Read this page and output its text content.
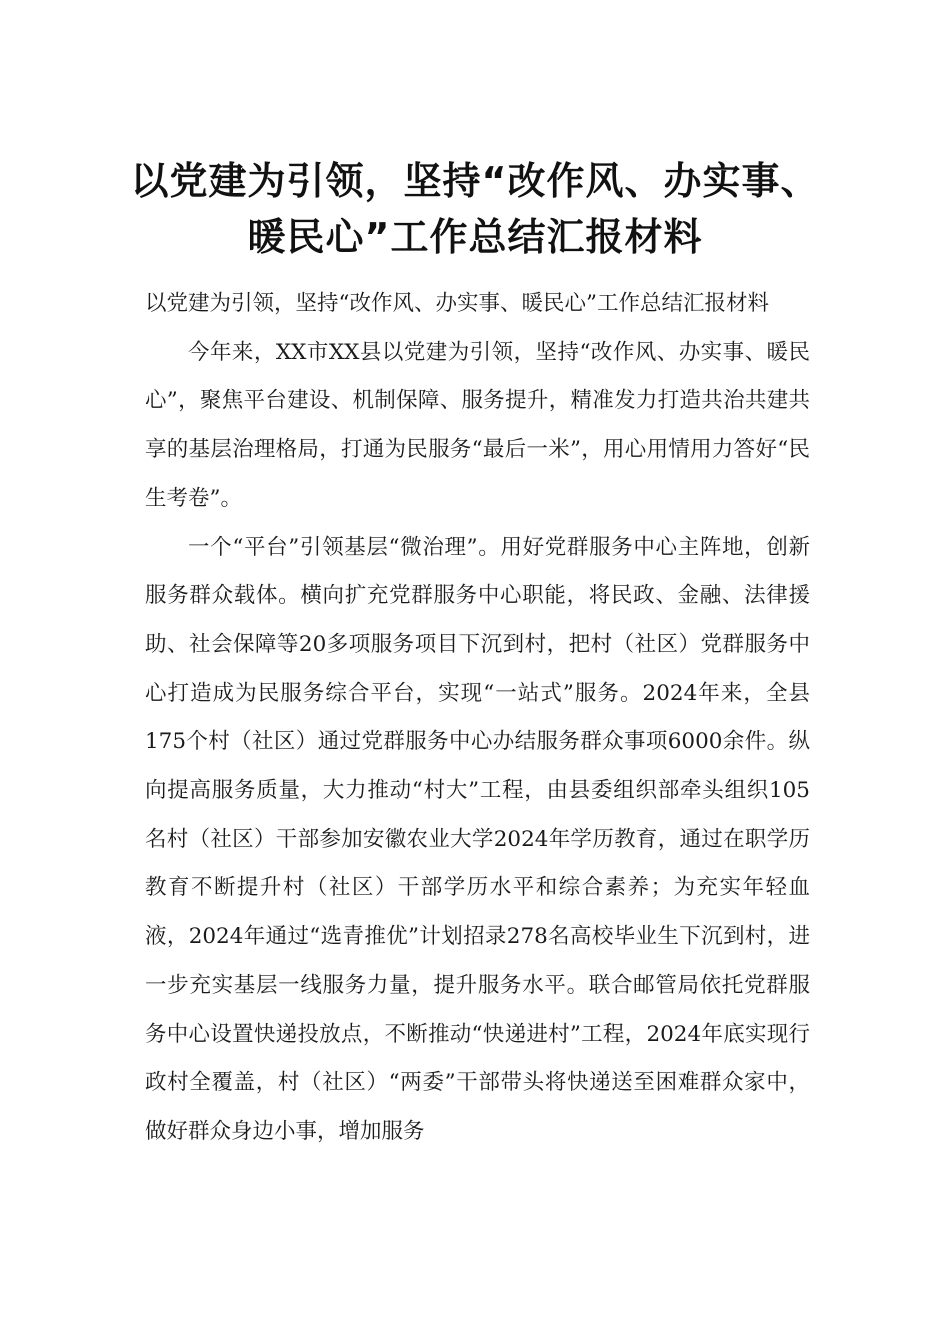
以党建为引领，坚持“改作风、办实事、
暖民心”工作总结汇报材料

以党建为引领，坚持“改作风、办实事、暖民心”工作总结汇报材料

今年来，XX市XX县以党建为引领，坚持“改作风、办实事、暖民心”，聚焦平台建设、机制保障、服务提升，精准发力打造共治共建共享的基层治理格局，打通为民服务“最后一米”，用心用情用力答好“民生考卷”。

一个“平台”引领基层“微治理”。用好党群服务中心主阵地，创新服务群众载体。横向扩充党群服务中心职能，将民政、金融、法律援助、社会保障等20多项服务项目下沉到村，把村（社区）党群服务中心打造成为民服务综合平台，实现“一站式”服务。2024年来，全县175个村（社区）通过党群服务中心办结服务群众事项6000余件。纵向提高服务质量，大力推动“村大”工程，由县委组织部牵头组织105名村（社区）干部参加安徽农业大学2024年学历教育，通过在职学历教育不断提升村（社区）干部学历水平和综合素养；为充实年轻血液，2024年通过“选青推优”计划招录278名高校毕业生下沉到村，进一步充实基层一线服务力量，提升服务水平。联合邮管局依托党群服务中心设置快递投放点，不断推动“快递进村”工程，2024年底实现行政村全覆盖，村（社区）“两委”干部带头将快递送至困难群众家中，做好群众身边小事，增加服务
